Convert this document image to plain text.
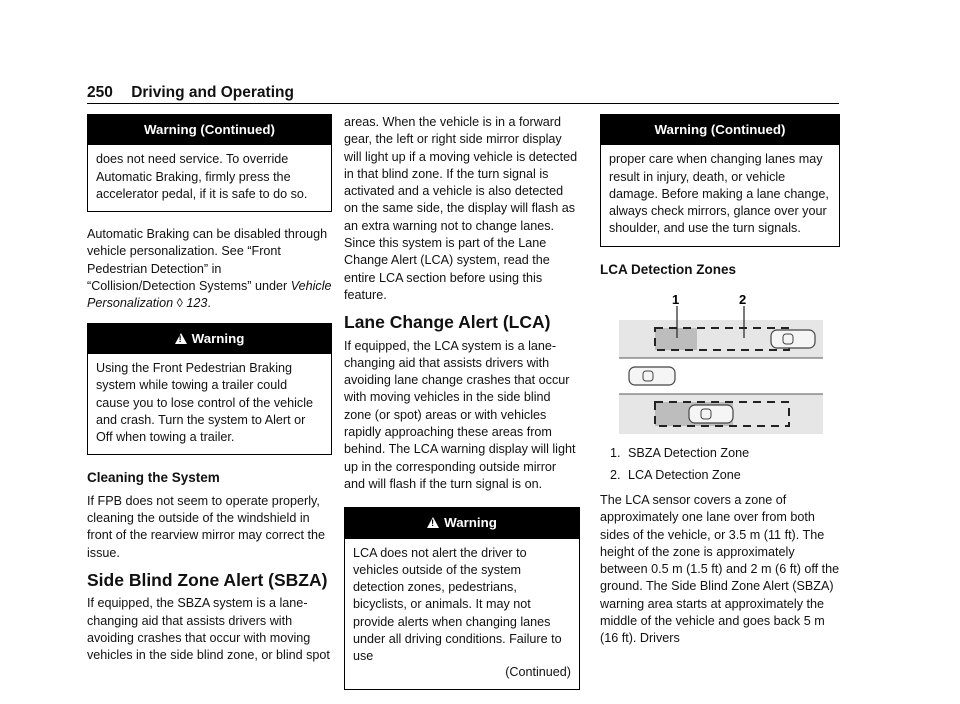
250 Driving and Operating
Warning (Continued)
does not need service. To override Automatic Braking, firmly press the accelerator pedal, if it is safe to do so.

Automatic Braking can be disabled through vehicle personalization. See “Front Pedestrian Detection” in “Collision/Detection Systems” under Vehicle Personalization ◊ 123.

!Warning
Using the Front Pedestrian Braking system while towing a trailer could cause you to lose control of the vehicle and crash. Turn the system to Alert or Off when towing a trailer.
Cleaning the System

If FPB does not seem to operate properly, cleaning the outside of the windshield in front of the rearview mirror may correct the issue.

Side Blind Zone Alert (SBZA)

If equipped, the SBZA system is a lane-changing aid that assists drivers with avoiding crashes that occur with moving vehicles in the side blind zone, or blind spot

areas. When the vehicle is in a forward gear, the left or right side mirror display will light up if a moving vehicle is detected in that blind zone. If the turn signal is activated and a vehicle is also detected on the same side, the display will flash as an extra warning not to change lanes. Since this system is part of the Lane Change Alert (LCA) system, read the entire LCA section before using this feature.

Lane Change Alert (LCA)

If equipped, the LCA system is a lane-changing aid that assists drivers with avoiding lane change crashes that occur with moving vehicles in the side blind zone (or spot) areas or with vehicles rapidly approaching these areas from behind. The LCA warning display will light up in the corresponding outside mirror and will flash if the turn signal is on.

!Warning
LCA does not alert the driver to vehicles outside of the system detection zones, pedestrians, bicyclists, or animals. It may not provide alerts when changing lanes under all driving conditions. Failure to use
(Continued)
Warning (Continued)
proper care when changing lanes may result in injury, death, or vehicle damage. Before making a lane change, always check mirrors, glance over your shoulder, and use the turn signals.
LCA Detection Zones
1	2
1. SBZA Detection Zone
2. LCA Detection Zone

The LCA sensor covers a zone of approximately one lane over from both sides of the vehicle, or 3.5 m (11 ft). The height of the zone is approximately between 0.5 m (1.5 ft) and 2 m (6 ft) off the ground. The Side Blind Zone Alert (SBZA) warning area starts at approximately the middle of the vehicle and goes back 5 m (16 ft). Drivers
